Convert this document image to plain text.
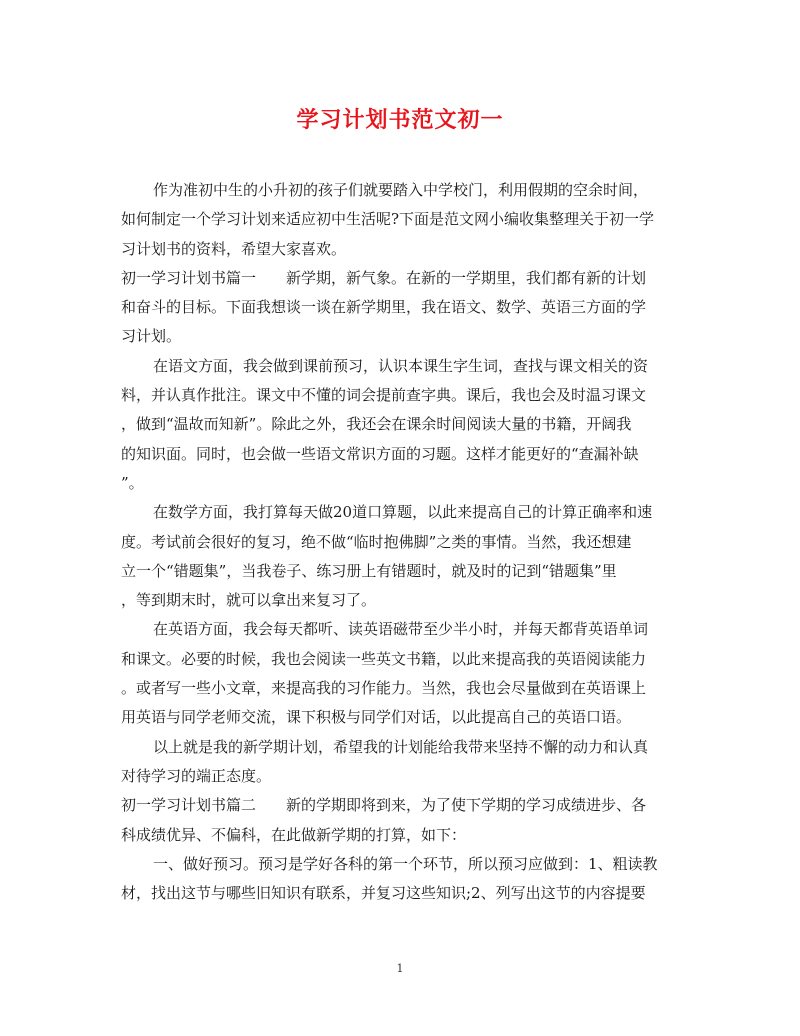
学习计划书范文初一
作为准初中生的小升初的孩子们就要踏入中学校门，利用假期的空余时间，
如何制定一个学习计划来适应初中生活呢?下面是范文网小编收集整理关于初一学
习计划书的资料，希望大家喜欢。
初一学习计划书篇一　　新学期，新气象。在新的一学期里，我们都有新的计划
和奋斗的目标。下面我想谈一谈在新学期里，我在语文、数学、英语三方面的学
习计划。
在语文方面，我会做到课前预习，认识本课生字生词，查找与课文相关的资
料，并认真作批注。课文中不懂的词会提前查字典。课后，我也会及时温习课文
，做到“温故而知新”。除此之外，我还会在课余时间阅读大量的书籍，开阔我
的知识面。同时，也会做一些语文常识方面的习题。这样才能更好的“查漏补缺
”。
在数学方面，我打算每天做20道口算题，以此来提高自己的计算正确率和速
度。考试前会很好的复习，绝不做“临时抱佛脚”之类的事情。当然，我还想建
立一个“错题集”，当我卷子、练习册上有错题时，就及时的记到“错题集”里
，等到期末时，就可以拿出来复习了。
在英语方面，我会每天都听、读英语磁带至少半小时，并每天都背英语单词
和课文。必要的时候，我也会阅读一些英文书籍，以此来提高我的英语阅读能力
。或者写一些小文章，来提高我的习作能力。当然，我也会尽量做到在英语课上
用英语与同学老师交流，课下积极与同学们对话，以此提高自己的英语口语。
以上就是我的新学期计划，希望我的计划能给我带来坚持不懈的动力和认真
对待学习的端正态度。
初一学习计划书篇二　　新的学期即将到来，为了使下学期的学习成绩进步、各
科成绩优异、不偏科，在此做新学期的打算，如下：
一、做好预习。预习是学好各科的第一个环节，所以预习应做到：1、粗读教
材，找出这节与哪些旧知识有联系，并复习这些知识;2、列写出这节的内容提要
1
